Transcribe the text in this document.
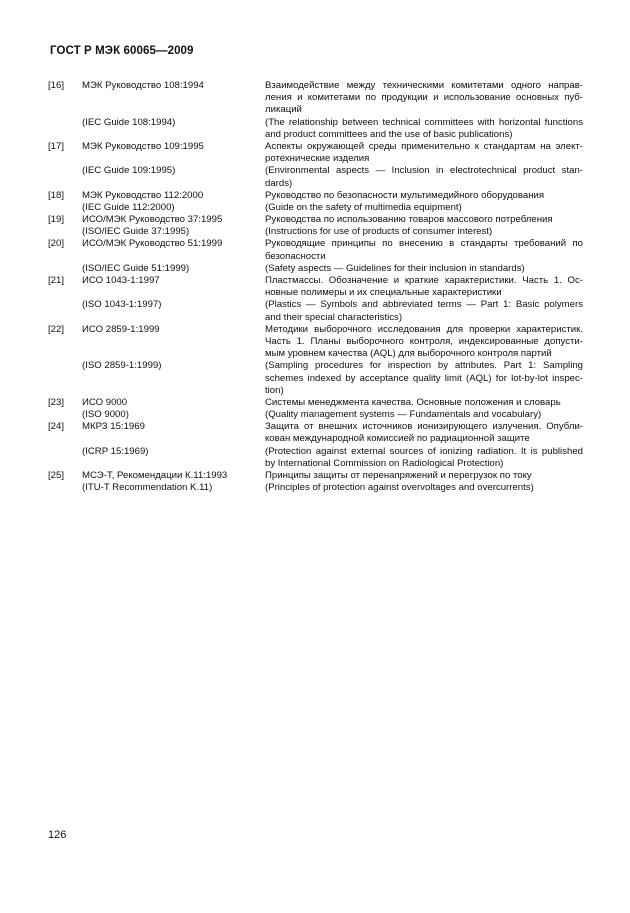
ГОСТ Р МЭК 60065—2009
[16] МЭК Руководство 108:1994	Взаимодействие между техническими комитетами одного направ-
ления и комитетами по продукции и использование основных пуб-
ликаций
(IEC Guide 108:1994)	(The relationship between technical committees with horizontal functions
and product committees and the use of basic publications)
[17] МЭК Руководство 109:1995	Аспекты окружающей среды применительно к стандартам на элект-
ротехнические изделия
(IEC Guide 109:1995)	(Environmental aspects — Inclusion in electrotechnical product stan-
dards)
[18] МЭК Руководство 112:2000	Руководство по безопасности мультимедийного оборудования
(IEC Guide 112:2000)	(Guide on the safety of multimedia equipment)
[19] ИСО/МЭК Руководство 37:1995	Руководства по использованию товаров массового потребления
(ISO/IEC Guide 37:1995)	(Instructions for use of products of consumer interest)
[20] ИСО/МЭК Руководство 51:1999	Руководящие принципы по внесению в стандарты требований по
безопасности
(ISO/IEC Guide 51:1999)	(Safety aspects — Guidelines for their inclusion in standards)
[21] ИСО 1043-1:1997	Пластмассы. Обозначение и краткие характеристики. Часть 1. Ос-
новные полимеры и их специальные характеристики
(ISO 1043-1:1997)	(Plastics — Symbols and abbreviated terms — Part 1: Basic polymers
and their special characteristics)
[22] ИСО 2859-1:1999	Методики выборочного исследования для проверки характеристик.
Часть 1. Планы выборочного контроля, индексированные допусти-
мым уровнем качества (AQL) для выборочного контроля партий
(ISO 2859-1:1999)	(Sampling procedures for inspection by attributes. Part 1: Sampling
schemes indexed by acceptance quality limit (AQL) for lot-by-lot inspec-
tion)
[23] ИСО 9000	Системы менеджмента качества. Основные положения и словарь
(ISO 9000)	(Quality management systems — Fundamentals and vocabulary)
[24] МКРЗ 15:1969	Защита от внешних источников ионизирующего излучения. Опубли-
кован международной комиссией по радиационной защите
(ICRP 15:1969)	(Protection against external sources of ionizing radiation. It is published
by International Commission on Radiological Protection)
[25] МСЭ-Т, Рекомендации К.11:1993	Принципы защиты от перенапряжений и перегрузок по току
(ITU-T Recommendation K.11)	(Principles of protection against overvoltages and overcurrents)
126
